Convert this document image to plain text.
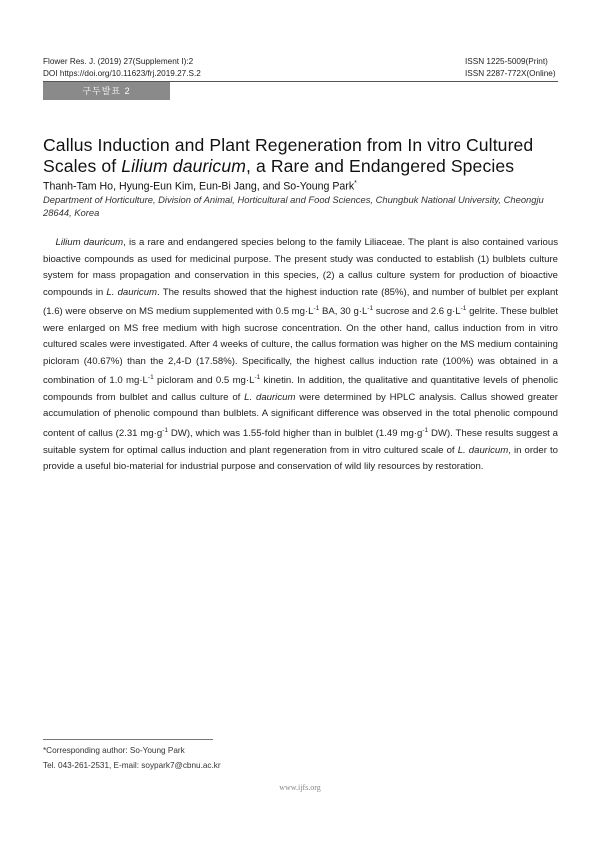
Flower Res. J. (2019) 27(Supplement I):2
DOI https://doi.org/10.11623/frj.2019.27.S.2
ISSN 1225-5009(Print)
ISSN 2287-772X(Online)
구두발표 2
Callus Induction and Plant Regeneration from In vitro Cultured Scales of Lilium dauricum, a Rare and Endangered Species
Thanh-Tam Ho, Hyung-Eun Kim, Eun-Bi Jang, and So-Young Park*
Department of Horticulture, Division of Animal, Horticultural and Food Sciences, Chungbuk National University, Cheongju 28644, Korea

Lilium dauricum, is a rare and endangered species belong to the family Liliaceae. The plant is also contained various bioactive compounds as used for medicinal purpose. The present study was conducted to establish (1) bulblets culture system for mass propagation and conservation in this species, (2) a callus culture system for production of bioactive compounds in L. dauricum. The results showed that the highest induction rate (85%), and number of bulblet per explant (1.6) were observe on MS medium supplemented with 0.5 $mg\cdot L^{-1}$ BA, 30 $g\cdot L^{-1}$ sucrose and 2.6 $g\cdot L^{-1}$ gelrite. These bulblet were enlarged on MS free medium with high sucrose concentration. On the other hand, callus induction from in vitro cultured scales were investigated. After 4 weeks of culture, the callus formation was higher on the MS medium containing picloram (40.67%) than the 2,4-D (17.58%). Specifically, the highest callus induction rate (100%) was obtained in a combination of 1.0 $mg\cdot L^{-1}$ picloram and 0.5 $mg\cdot L^{-1}$ kinetin. In addition, the qualitative and quantitative levels of phenolic compounds from bulblet and callus culture of L. dauricum were determined by HPLC analysis. Callus showed greater accumulation of phenolic compound than bulblets. A significant difference was observed in the total phenolic compound content of callus (2.31 $mg\cdot g^{-1}$ DW), which was 1.55-fold higher than in bulblet (1.49 $mg\cdot g^{-1}$ DW). These results suggest a suitable system for optimal callus induction and plant regeneration from in vitro cultured scale of L. dauricum, in order to provide a useful bio-material for industrial purpose and conservation of wild lily resources by restoration.

*Corresponding author: So-Young Park
Tel. 043-261-2531, E-mail: soypark7@cbnu.ac.kr
www.ijfs.org
